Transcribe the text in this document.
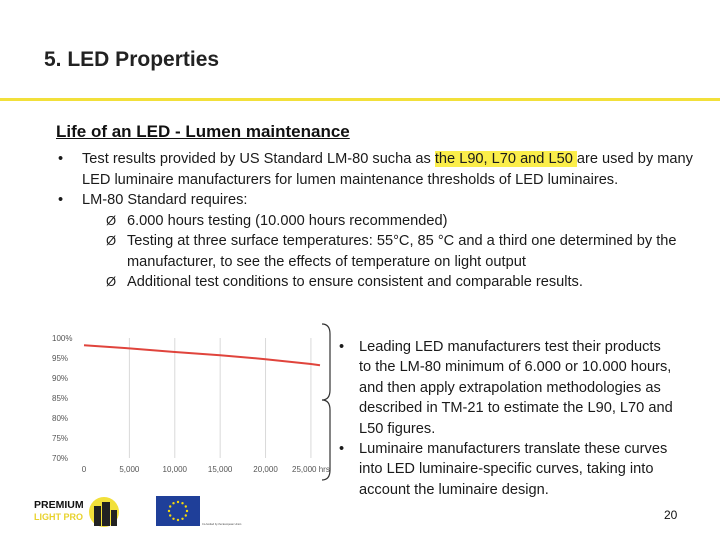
5. LED Properties
Life of an LED - Lumen maintenance
• Test results provided by US Standard LM-80 sucha as the L90, L70 and L50 are used by many LED luminaire manufacturers for lumen maintenance thresholds of LED luminaires.
• LM-80 Standard requires:
Ø 6.000 hours testing (10.000 hours recommended)
Ø Testing at three surface temperatures: 55°C, 85 °C and a third one determined by the manufacturer, to see the effects of temperature on light output
Ø Additional test conditions to ensure consistent and comparable results.
100%
95%
90%
85%
80%
75%
70%
0	5,000	10,000	15,000	20,000 25,000 hrs
• Leading LED manufacturers test their products to the LM-80 minimum of 6.000 or 10.000 hours, and then apply extrapolation methodologies as described in TM-21 to estimate the L90, L70 and L50 figures.
• Luminaire manufacturers translate these curves into LED luminaire-specific curves, taking into account the luminaire design.
PREMIUM
LIGHT PRO
Co-funded by the European Union
20
